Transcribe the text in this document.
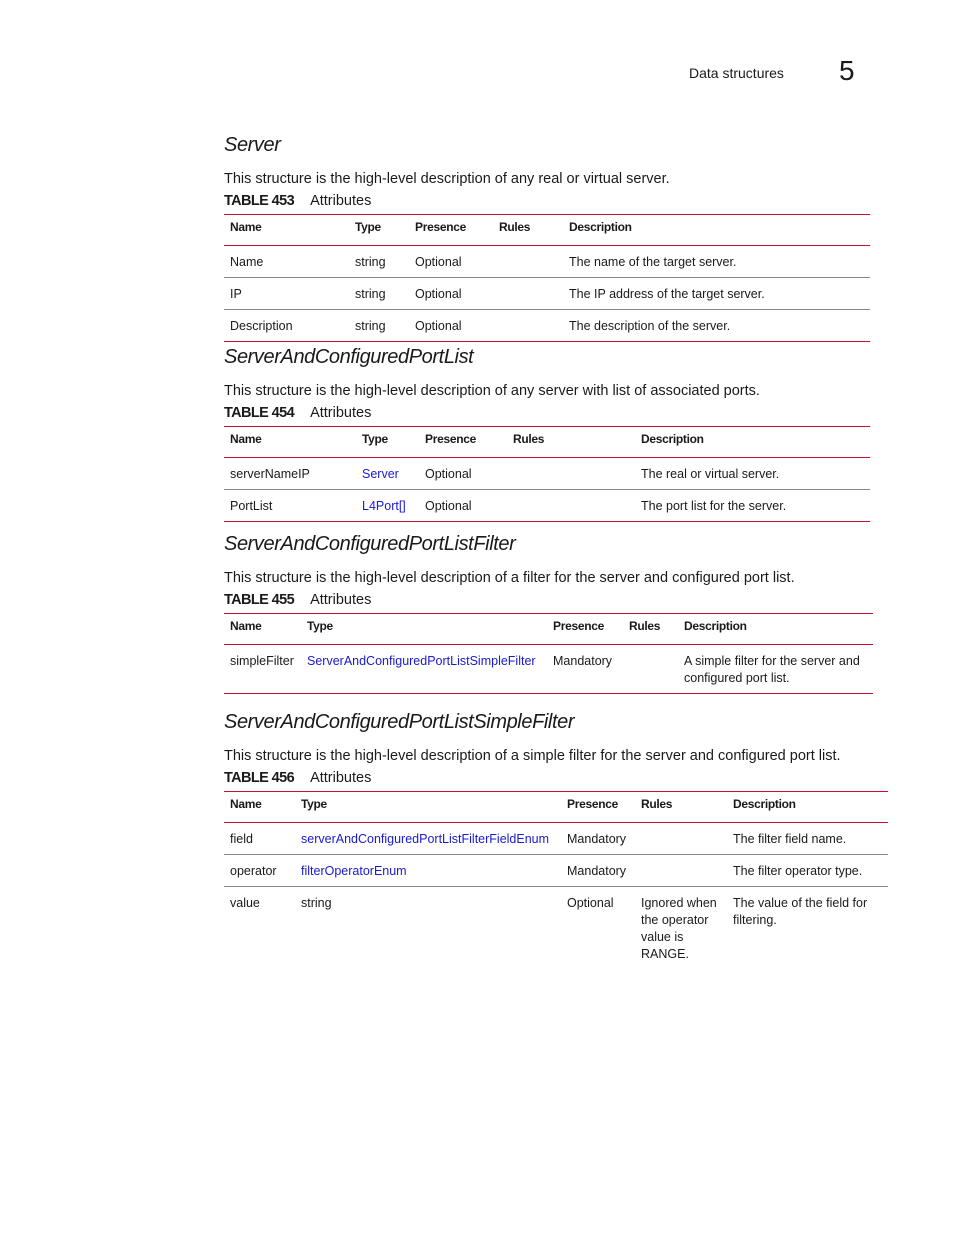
Data structures 5
Server

This structure is the high-level description of any real or virtual server.

TABLE 453 Attributes
Name	Type	Presence	Rules	Description
Name	string	Optional		The name of the target server.
IP	string	Optional		The IP address of the target server.
Description	string	Optional		The description of the server.
ServerAndConfiguredPortList

This structure is the high-level description of any server with list of associated ports.

TABLE 454 Attributes
Name	Type	Presence	Rules	Description
serverNameIP	Server	Optional		The real or virtual server.
PortList	L4Port[]	Optional		The port list for the server.
ServerAndConfiguredPortListFilter

This structure is the high-level description of a filter for the server and configured port list.

TABLE 455 Attributes
Name	Type	Presence	Rules	Description
simpleFilter	ServerAndConfiguredPortListSimpleFilter	Mandatory		A simple filter for the server and configured port list.
ServerAndConfiguredPortListSimpleFilter

This structure is the high-level description of a simple filter for the server and configured port list.

TABLE 456 Attributes
Name	Type	Presence	Rules	Description
field	serverAndConfiguredPortListFilterFieldEnum	Mandatory		The filter field name.
operator	filterOperatorEnum	Mandatory		The filter operator type.
value	string	Optional	Ignored when the operator value is RANGE.	The value of the field for filtering.
